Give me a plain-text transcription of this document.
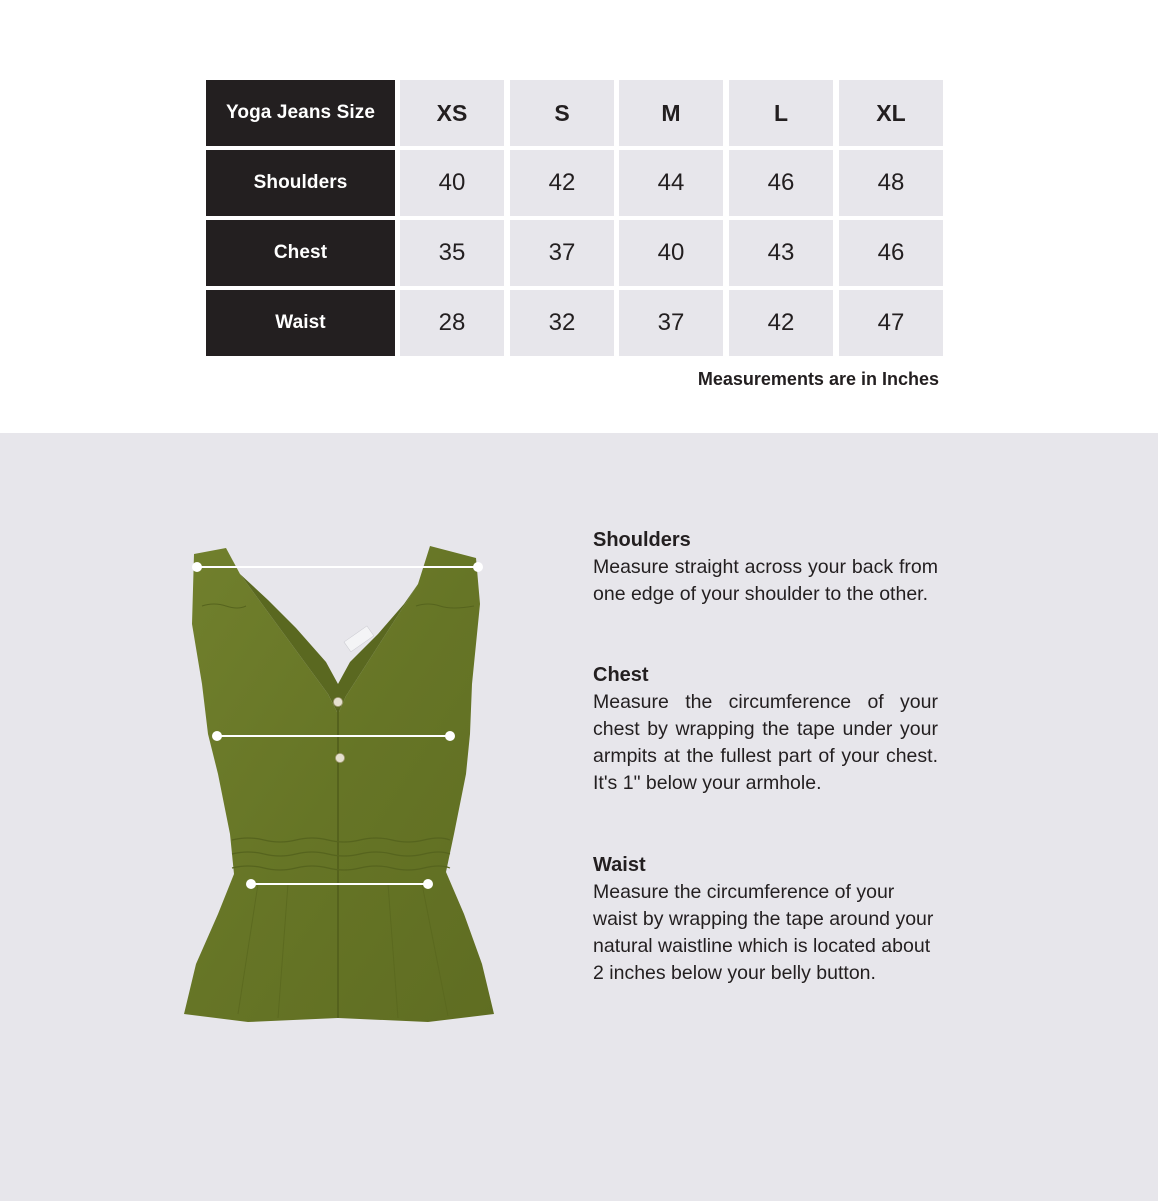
Yoga Jeans Size	XS	S	M	L	XL
Shoulders	40	42	44	46	48
Chest	35	37	40	43	46
Waist	28	32	37	42	47
Measurements are in Inches
Shoulders

Measure straight across your back from one edge of your shoulder to the other.

Chest

Measure the circumference of your chest by wrapping the tape under your armpits at the fullest part of your chest. It's 1" below your armhole.

Waist

Measure the circumference of your waist by wrapping the tape around your natural waistline which is located about 2 inches below your belly button.
